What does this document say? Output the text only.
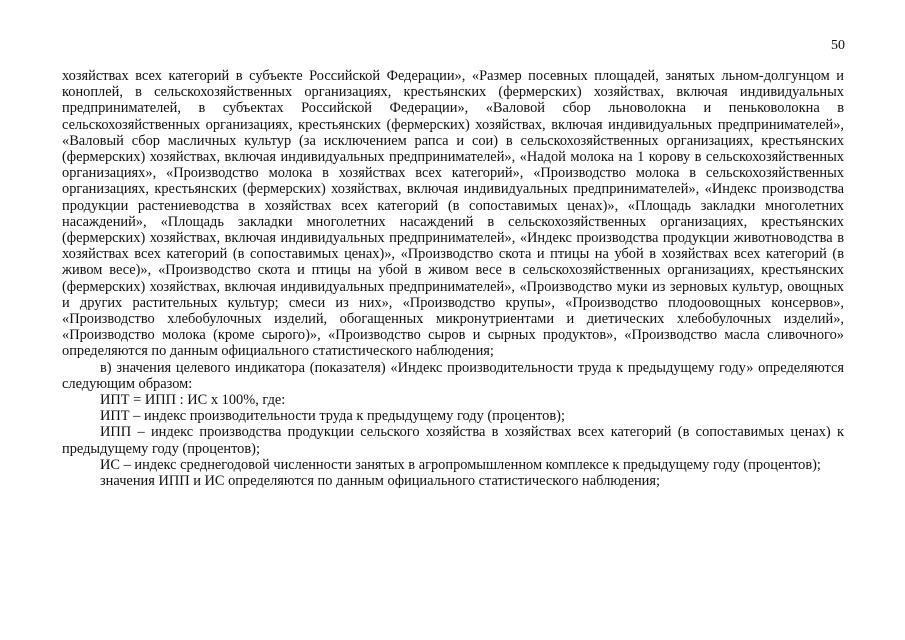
50

хозяйствах всех категорий в субъекте Российской Федерации», «Размер посевных площадей, занятых льном-долгунцом и коноплей, в сельскохозяйственных организациях, крестьянских (фермерских) хозяйствах, включая индивидуальных предпринимателей, в субъектах Российской Федерации», «Валовой сбор льноволокна и пеньковолокна в сельскохозяйственных организациях, крестьянских (фермерских) хозяйствах, включая индивидуальных предпринимателей», «Валовый сбор масличных культур (за исключением рапса и сои) в сельскохозяйственных организациях, крестьянских (фермерских) хозяйствах, включая индивидуальных предпринимателей», «Надой молока на 1 корову в сельскохозяйственных организациях», «Производство молока в хозяйствах всех категорий», «Производство молока в сельскохозяйственных организациях, крестьянских (фермерских) хозяйствах, включая индивидуальных предпринимателей», «Индекс производства продукции растениеводства в хозяйствах всех категорий (в сопоставимых ценах)», «Площадь закладки многолетних насаждений», «Площадь закладки многолетних насаждений в сельскохозяйственных организациях, крестьянских (фермерских) хозяйствах, включая индивидуальных предпринимателей», «Индекс производства продукции животноводства в хозяйствах всех категорий (в сопоставимых ценах)», «Производство скота и птицы на убой в хозяйствах всех категорий (в живом весе)», «Производство скота и птицы на убой в живом весе в сельскохозяйственных организациях, крестьянских (фермерских) хозяйствах, включая индивидуальных предпринимателей», «Производство муки из зерновых культур, овощных и других растительных культур; смеси из них», «Производство крупы», «Производство плодоовощных консервов», «Производство хлебобулочных изделий, обогащенных микронутриентами и диетических хлебобулочных изделий», «Производство молока (кроме сырого)», «Производство сыров и сырных продуктов», «Производство масла сливочного» определяются по данным официального статистического наблюдения;

в) значения целевого индикатора (показателя) «Индекс производительности труда к предыдущему году» определяются следующим образом:

ИПТ = ИПП : ИС х 100%, где:

ИПТ – индекс производительности труда к предыдущему году (процентов);

ИПП – индекс производства продукции сельского хозяйства в хозяйствах всех категорий (в сопоставимых ценах) к предыдущему году (процентов);

ИС – индекс среднегодовой численности занятых в агропромышленном комплексе к предыдущему году (процентов);

значения ИПП и ИС определяются по данным официального статистического наблюдения;
